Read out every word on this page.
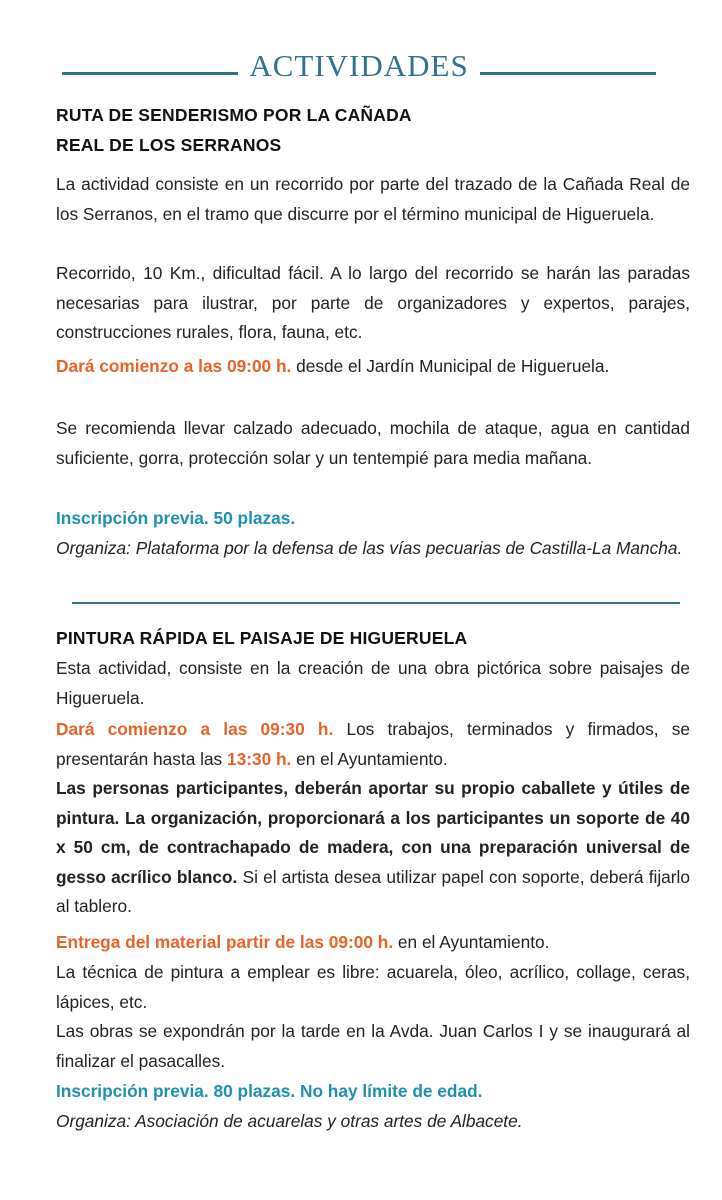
ACTIVIDADES
RUTA DE SENDERISMO POR LA CAÑADA
REAL DE LOS SERRANOS
La actividad consiste en un recorrido por parte del trazado de la Cañada Real de los Serranos, en el tramo que discurre por el término municipal de Higueruela.
Recorrido, 10 Km., dificultad fácil. A lo largo del recorrido se harán las paradas necesarias para ilustrar, por parte de organizadores y expertos, parajes, construcciones rurales, flora, fauna, etc.
Dará comienzo a las 09:00 h. desde el Jardín Municipal de Higueruela.
Se recomienda llevar calzado adecuado, mochila de ataque, agua en cantidad suficiente, gorra, protección solar y un tentempié para media mañana.
Inscripción previa. 50 plazas.
Organiza: Plataforma por la defensa de las vías pecuarias de Castilla-La Mancha.
PINTURA RÁPIDA EL PAISAJE DE HIGUERUELA
Esta actividad, consiste en la creación de una obra pictórica sobre paisajes de Higueruela.
Dará comienzo a las 09:30 h. Los trabajos, terminados y firmados, se presentarán hasta las 13:30 h. en el Ayuntamiento.
Las personas participantes, deberán aportar su propio caballete y útiles de pintura. La organización, proporcionará a los participantes un soporte de 40 x 50 cm, de contrachapado de madera, con una preparación universal de gesso acrílico blanco. Si el artista desea utilizar papel con soporte, deberá fijarlo al tablero.
Entrega del material partir de las 09:00 h. en el Ayuntamiento.
La técnica de pintura a emplear es libre: acuarela, óleo, acrílico, collage, ceras, lápices, etc.
Las obras se expondrán por la tarde en la Avda. Juan Carlos I y se inaugurará al finalizar el pasacalles.
Inscripción previa. 80 plazas. No hay límite de edad.
Organiza: Asociación de acuarelas y otras artes de Albacete.
